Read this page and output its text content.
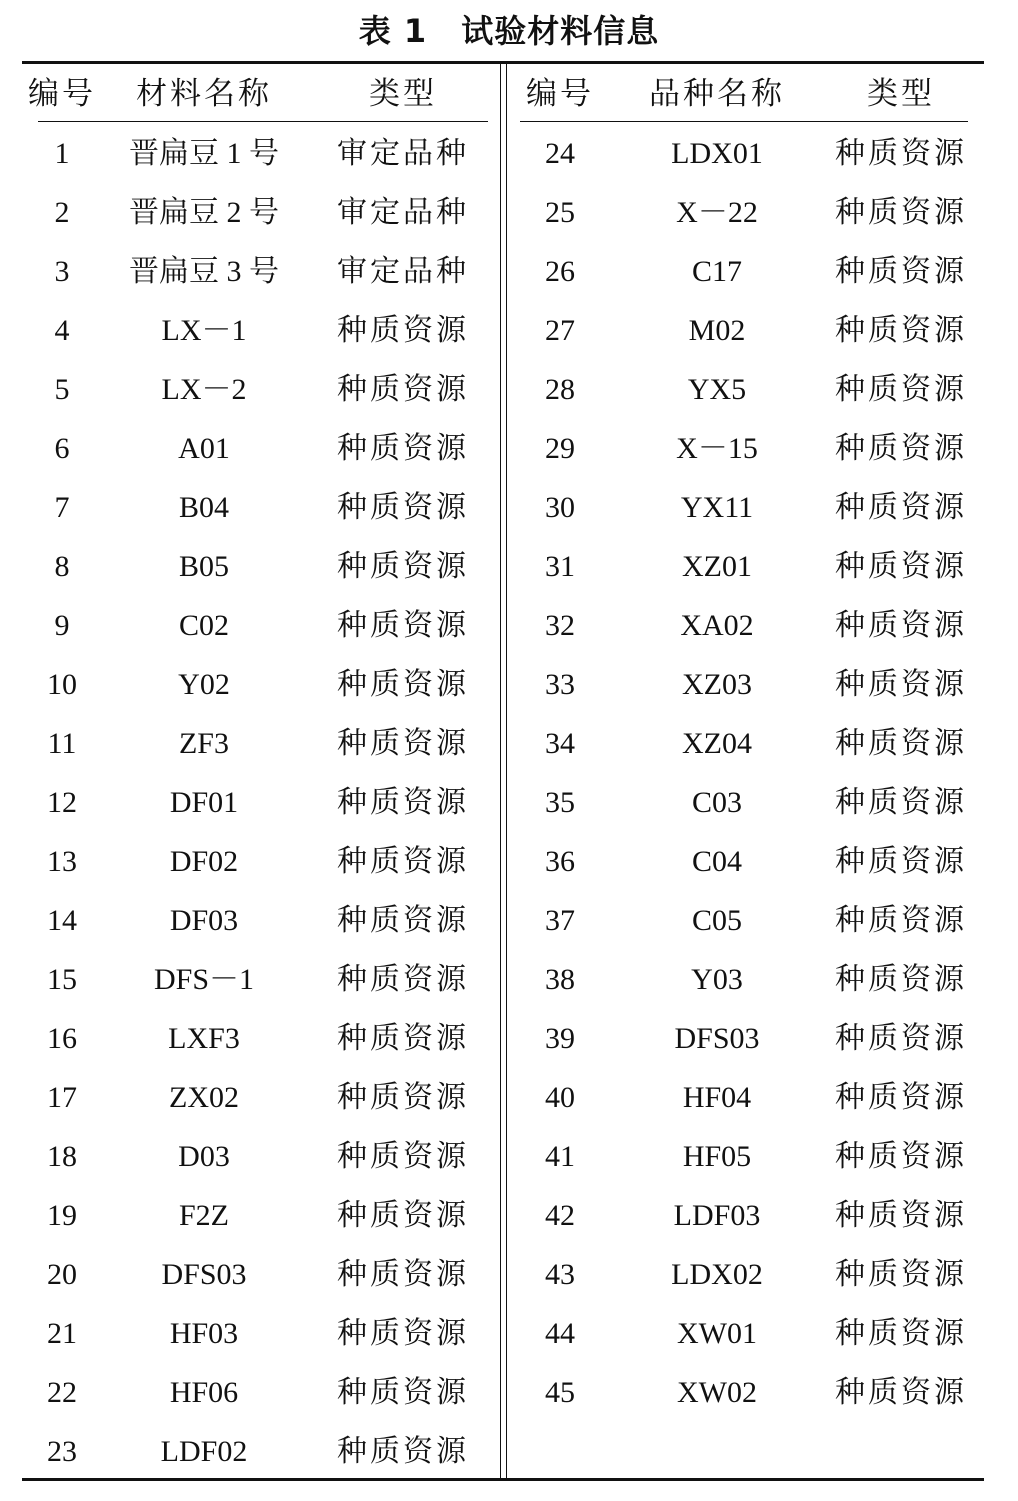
表 1 试验材料信息
编号	材料名称	类型
1	晋扁豆 1 号	审定品种
2	晋扁豆 2 号	审定品种
3	晋扁豆 3 号	审定品种
4	LX－1	种质资源
5	LX－2	种质资源
6	A01	种质资源
7	B04	种质资源
8	B05	种质资源
9	C02	种质资源
10	Y02	种质资源
11	ZF3	种质资源
12	DF01	种质资源
13	DF02	种质资源
14	DF03	种质资源
15	DFS－1	种质资源
16	LXF3	种质资源
17	ZX02	种质资源
18	D03	种质资源
19	F2Z	种质资源
20	DFS03	种质资源
21	HF03	种质资源
22	HF06	种质资源
23	LDF02	种质资源
编号	品种名称	类型
24	LDX01	种质资源
25	X－22	种质资源
26	C17	种质资源
27	M02	种质资源
28	YX5	种质资源
29	X－15	种质资源
30	YX11	种质资源
31	XZ01	种质资源
32	XA02	种质资源
33	XZ03	种质资源
34	XZ04	种质资源
35	C03	种质资源
36	C04	种质资源
37	C05	种质资源
38	Y03	种质资源
39	DFS03	种质资源
40	HF04	种质资源
41	HF05	种质资源
42	LDF03	种质资源
43	LDX02	种质资源
44	XW01	种质资源
45	XW02	种质资源
